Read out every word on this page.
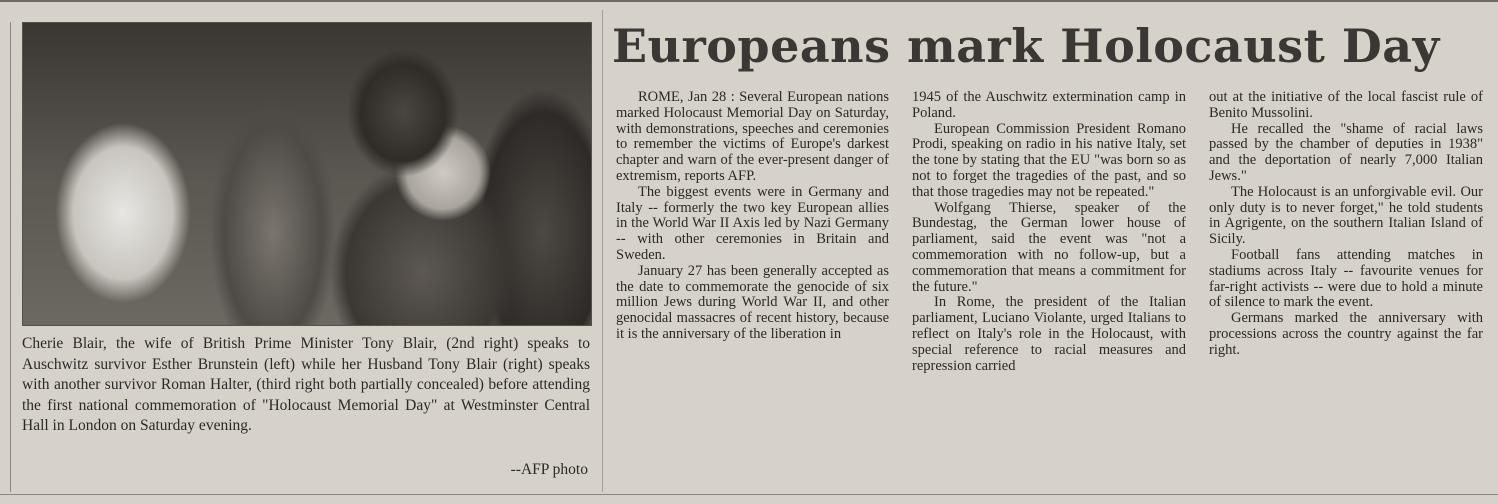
Cherie Blair, the wife of British Prime Minister Tony Blair, (2nd right) speaks to Auschwitz survivor Esther Brunstein (left) while her Husband Tony Blair (right) speaks with another survivor Roman Halter, (third right both partially concealed) before attending the first national commemoration of "Holocaust Memorial Day" at Westminster Central Hall in London on Saturday evening.
--AFP photo
Europeans mark Holocaust Day

ROME, Jan 28 : Several European nations marked Holocaust Memorial Day on Saturday, with demonstrations, speeches and ceremonies to remember the victims of Europe's darkest chapter and warn of the ever-present danger of extremism, reports AFP.

The biggest events were in Germany and Italy -- formerly the two key European allies in the World War II Axis led by Nazi Germany -- with other ceremonies in Britain and Sweden.

January 27 has been generally accepted as the date to commemorate the genocide of six million Jews during World War II, and other genocidal massacres of recent history, because it is the anniversary of the liberation in

1945 of the Auschwitz extermination camp in Poland.

European Commission President Romano Prodi, speaking on radio in his native Italy, set the tone by stating that the EU "was born so as not to forget the tragedies of the past, and so that those tragedies may not be repeated."

Wolfgang Thierse, speaker of the Bundestag, the German lower house of parliament, said the event was "not a commemoration with no follow-up, but a commemoration that means a commitment for the future."

In Rome, the president of the Italian parliament, Luciano Violante, urged Italians to reflect on Italy's role in the Holocaust, with special reference to racial measures and repression carried

out at the initiative of the local fascist rule of Benito Mussolini.

He recalled the "shame of racial laws passed by the chamber of deputies in 1938" and the deportation of nearly 7,000 Italian Jews."

The Holocaust is an unforgivable evil. Our only duty is to never forget," he told students in Agrigente, on the southern Italian Island of Sicily.

Football fans attending matches in stadiums across Italy -- favourite venues for far-right activists -- were due to hold a minute of silence to mark the event.

Germans marked the anniversary with processions across the country against the far right.
